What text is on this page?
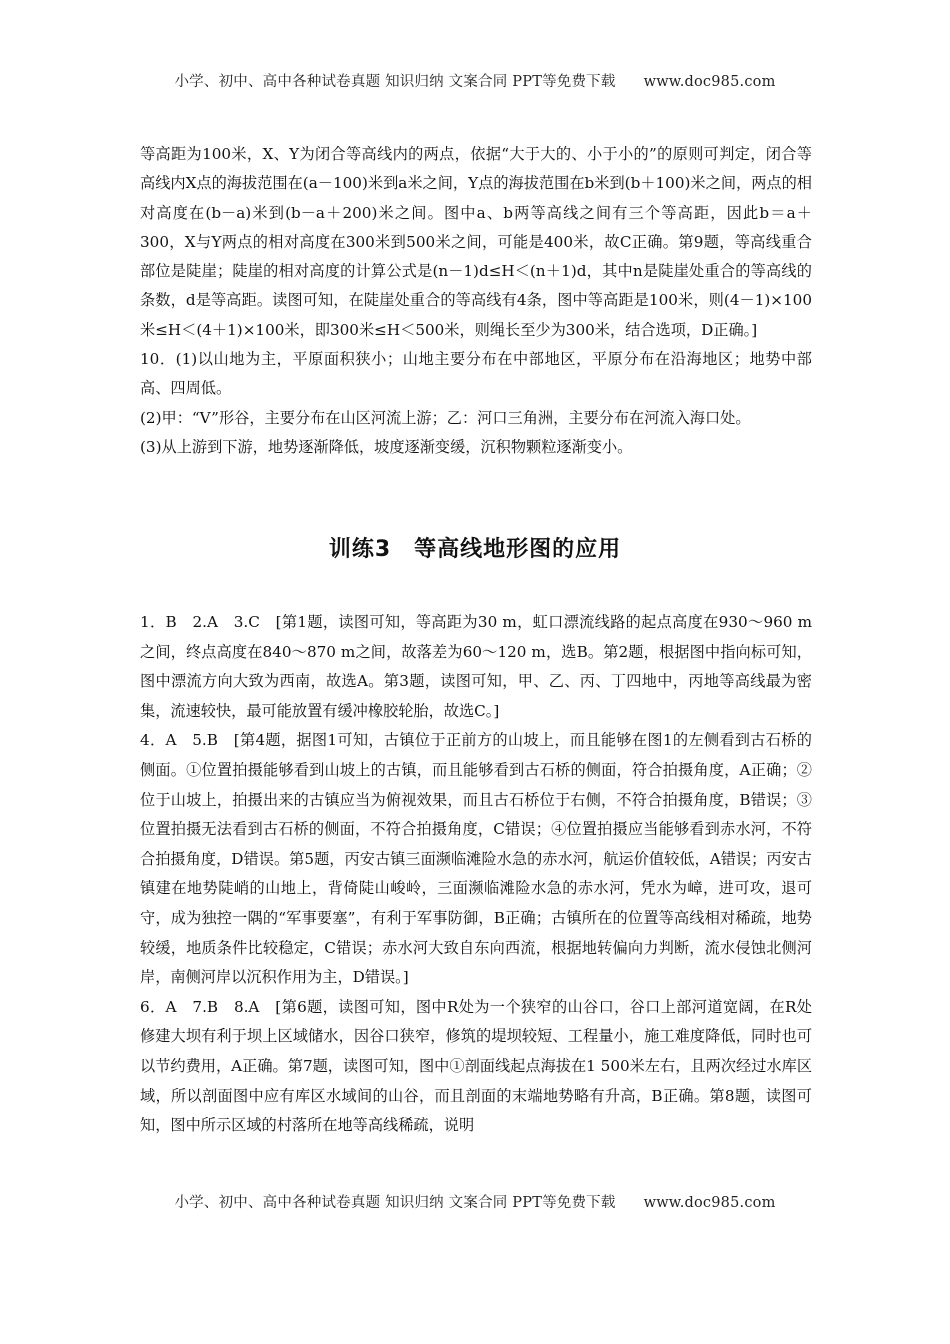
小学、初中、高中各种试卷真题 知识归纳 文案合同 PPT等免费下载 www.doc985.com

等高距为100米，X、Y为闭合等高线内的两点，依据“大于大的、小于小的”的原则可判定，闭合等高线内X点的海拔范围在(a－100)米到a米之间，Y点的海拔范围在b米到(b＋100)米之间，两点的相对高度在(b－a)米到(b－a＋200)米之间。图中a、b两等高线之间有三个等高距，因此b＝a＋300，X与Y两点的相对高度在300米到500米之间，可能是400米，故C正确。第9题，等高线重合部位是陡崖；陡崖的相对高度的计算公式是(n－1)d≤H＜(n＋1)d，其中n是陡崖处重合的等高线的条数，d是等高距。读图可知，在陡崖处重合的等高线有4条，图中等高距是100米，则(4－1)×100米≤H＜(4＋1)×100米，即300米≤H＜500米，则绳长至少为300米，结合选项，D正确。]

10．(1)以山地为主，平原面积狭小；山地主要分布在中部地区，平原分布在沿海地区；地势中部高、四周低。

(2)甲：“V”形谷，主要分布在山区河流上游；乙：河口三角洲，主要分布在河流入海口处。

(3)从上游到下游，地势逐渐降低，坡度逐渐变缓，沉积物颗粒逐渐变小。

训练3　等高线地形图的应用

1．B　2.A　3.C　[第1题，读图可知，等高距为30 m，虹口漂流线路的起点高度在930～960 m之间，终点高度在840～870 m之间，故落差为60～120 m，选B。第2题，根据图中指向标可知，图中漂流方向大致为西南，故选A。第3题，读图可知，甲、乙、丙、丁四地中，丙地等高线最为密集，流速较快，最可能放置有缓冲橡胶轮胎，故选C。]

4．A　5.B　[第4题，据图1可知，古镇位于正前方的山坡上，而且能够在图1的左侧看到古石桥的侧面。①位置拍摄能够看到山坡上的古镇，而且能够看到古石桥的侧面，符合拍摄角度，A正确；②位于山坡上，拍摄出来的古镇应当为俯视效果，而且古石桥位于右侧，不符合拍摄角度，B错误；③位置拍摄无法看到古石桥的侧面，不符合拍摄角度，C错误；④位置拍摄应当能够看到赤水河，不符合拍摄角度，D错误。第5题，丙安古镇三面濒临滩险水急的赤水河，航运价值较低，A错误；丙安古镇建在地势陡峭的山地上，背倚陡山峻岭，三面濒临滩险水急的赤水河，凭水为嶂，进可攻，退可守，成为独控一隅的“军事要塞”，有利于军事防御，B正确；古镇所在的位置等高线相对稀疏，地势较缓，地质条件比较稳定，C错误；赤水河大致自东向西流，根据地转偏向力判断，流水侵蚀北侧河岸，南侧河岸以沉积作用为主，D错误。]

6．A　7.B　8.A　[第6题，读图可知，图中R处为一个狭窄的山谷口，谷口上部河道宽阔，在R处修建大坝有利于坝上区域储水，因谷口狭窄，修筑的堤坝较短、工程量小，施工难度降低，同时也可以节约费用，A正确。第7题，读图可知，图中①剖面线起点海拔在1 500米左右，且两次经过水库区域，所以剖面图中应有库区水域间的山谷，而且剖面的末端地势略有升高，B正确。第8题，读图可知，图中所示区域的村落所在地等高线稀疏，说明

小学、初中、高中各种试卷真题 知识归纳 文案合同 PPT等免费下载 www.doc985.com
